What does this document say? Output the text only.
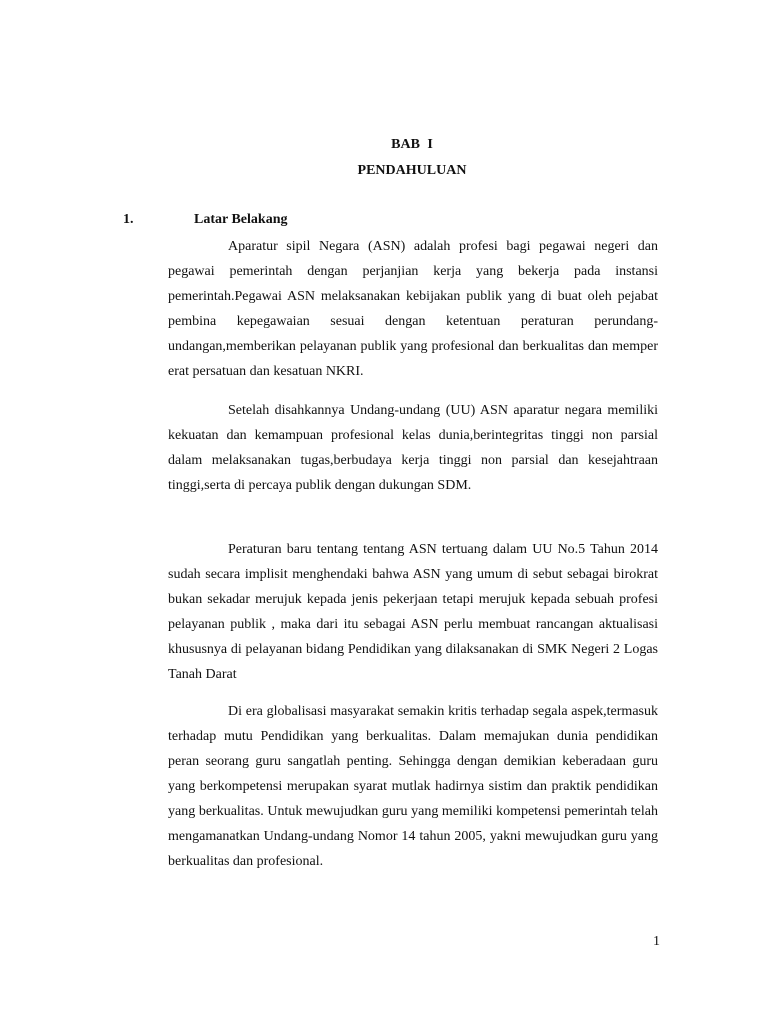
BAB I
PENDAHULUAN
1.	Latar Belakang

Aparatur sipil Negara (ASN) adalah profesi bagi pegawai negeri dan pegawai pemerintah dengan perjanjian kerja yang bekerja pada instansi pemerintah.Pegawai ASN melaksanakan kebijakan publik yang di buat oleh pejabat pembina kepegawaian sesuai dengan ketentuan peraturan perundang-undangan,memberikan pelayanan publik yang profesional dan berkualitas dan memper erat persatuan dan kesatuan NKRI.

Setelah disahkannya Undang-undang (UU) ASN aparatur negara memiliki kekuatan dan kemampuan profesional kelas dunia,berintegritas tinggi non parsial dalam melaksanakan tugas,berbudaya kerja tinggi non parsial dan kesejahtraan tinggi,serta di percaya publik dengan dukungan SDM.

Peraturan baru tentang tentang ASN tertuang dalam UU No.5 Tahun 2014 sudah secara implisit menghendaki bahwa ASN yang umum di sebut sebagai birokrat bukan sekadar merujuk kepada jenis pekerjaan tetapi merujuk kepada sebuah profesi pelayanan publik , maka dari itu sebagai ASN perlu membuat rancangan aktualisasi khususnya di pelayanan bidang Pendidikan yang dilaksanakan di SMK Negeri 2 Logas Tanah Darat

Di era globalisasi masyarakat semakin kritis terhadap segala aspek,termasuk terhadap mutu Pendidikan yang berkualitas. Dalam memajukan dunia pendidikan peran seorang guru sangatlah penting. Sehingga dengan demikian keberadaan guru yang berkompetensi merupakan syarat mutlak hadirnya sistim dan praktik pendidikan yang berkualitas. Untuk mewujudkan guru yang memiliki kompetensi pemerintah telah mengamanatkan Undang-undang Nomor 14 tahun 2005, yakni mewujudkan guru yang berkualitas dan profesional.

1
